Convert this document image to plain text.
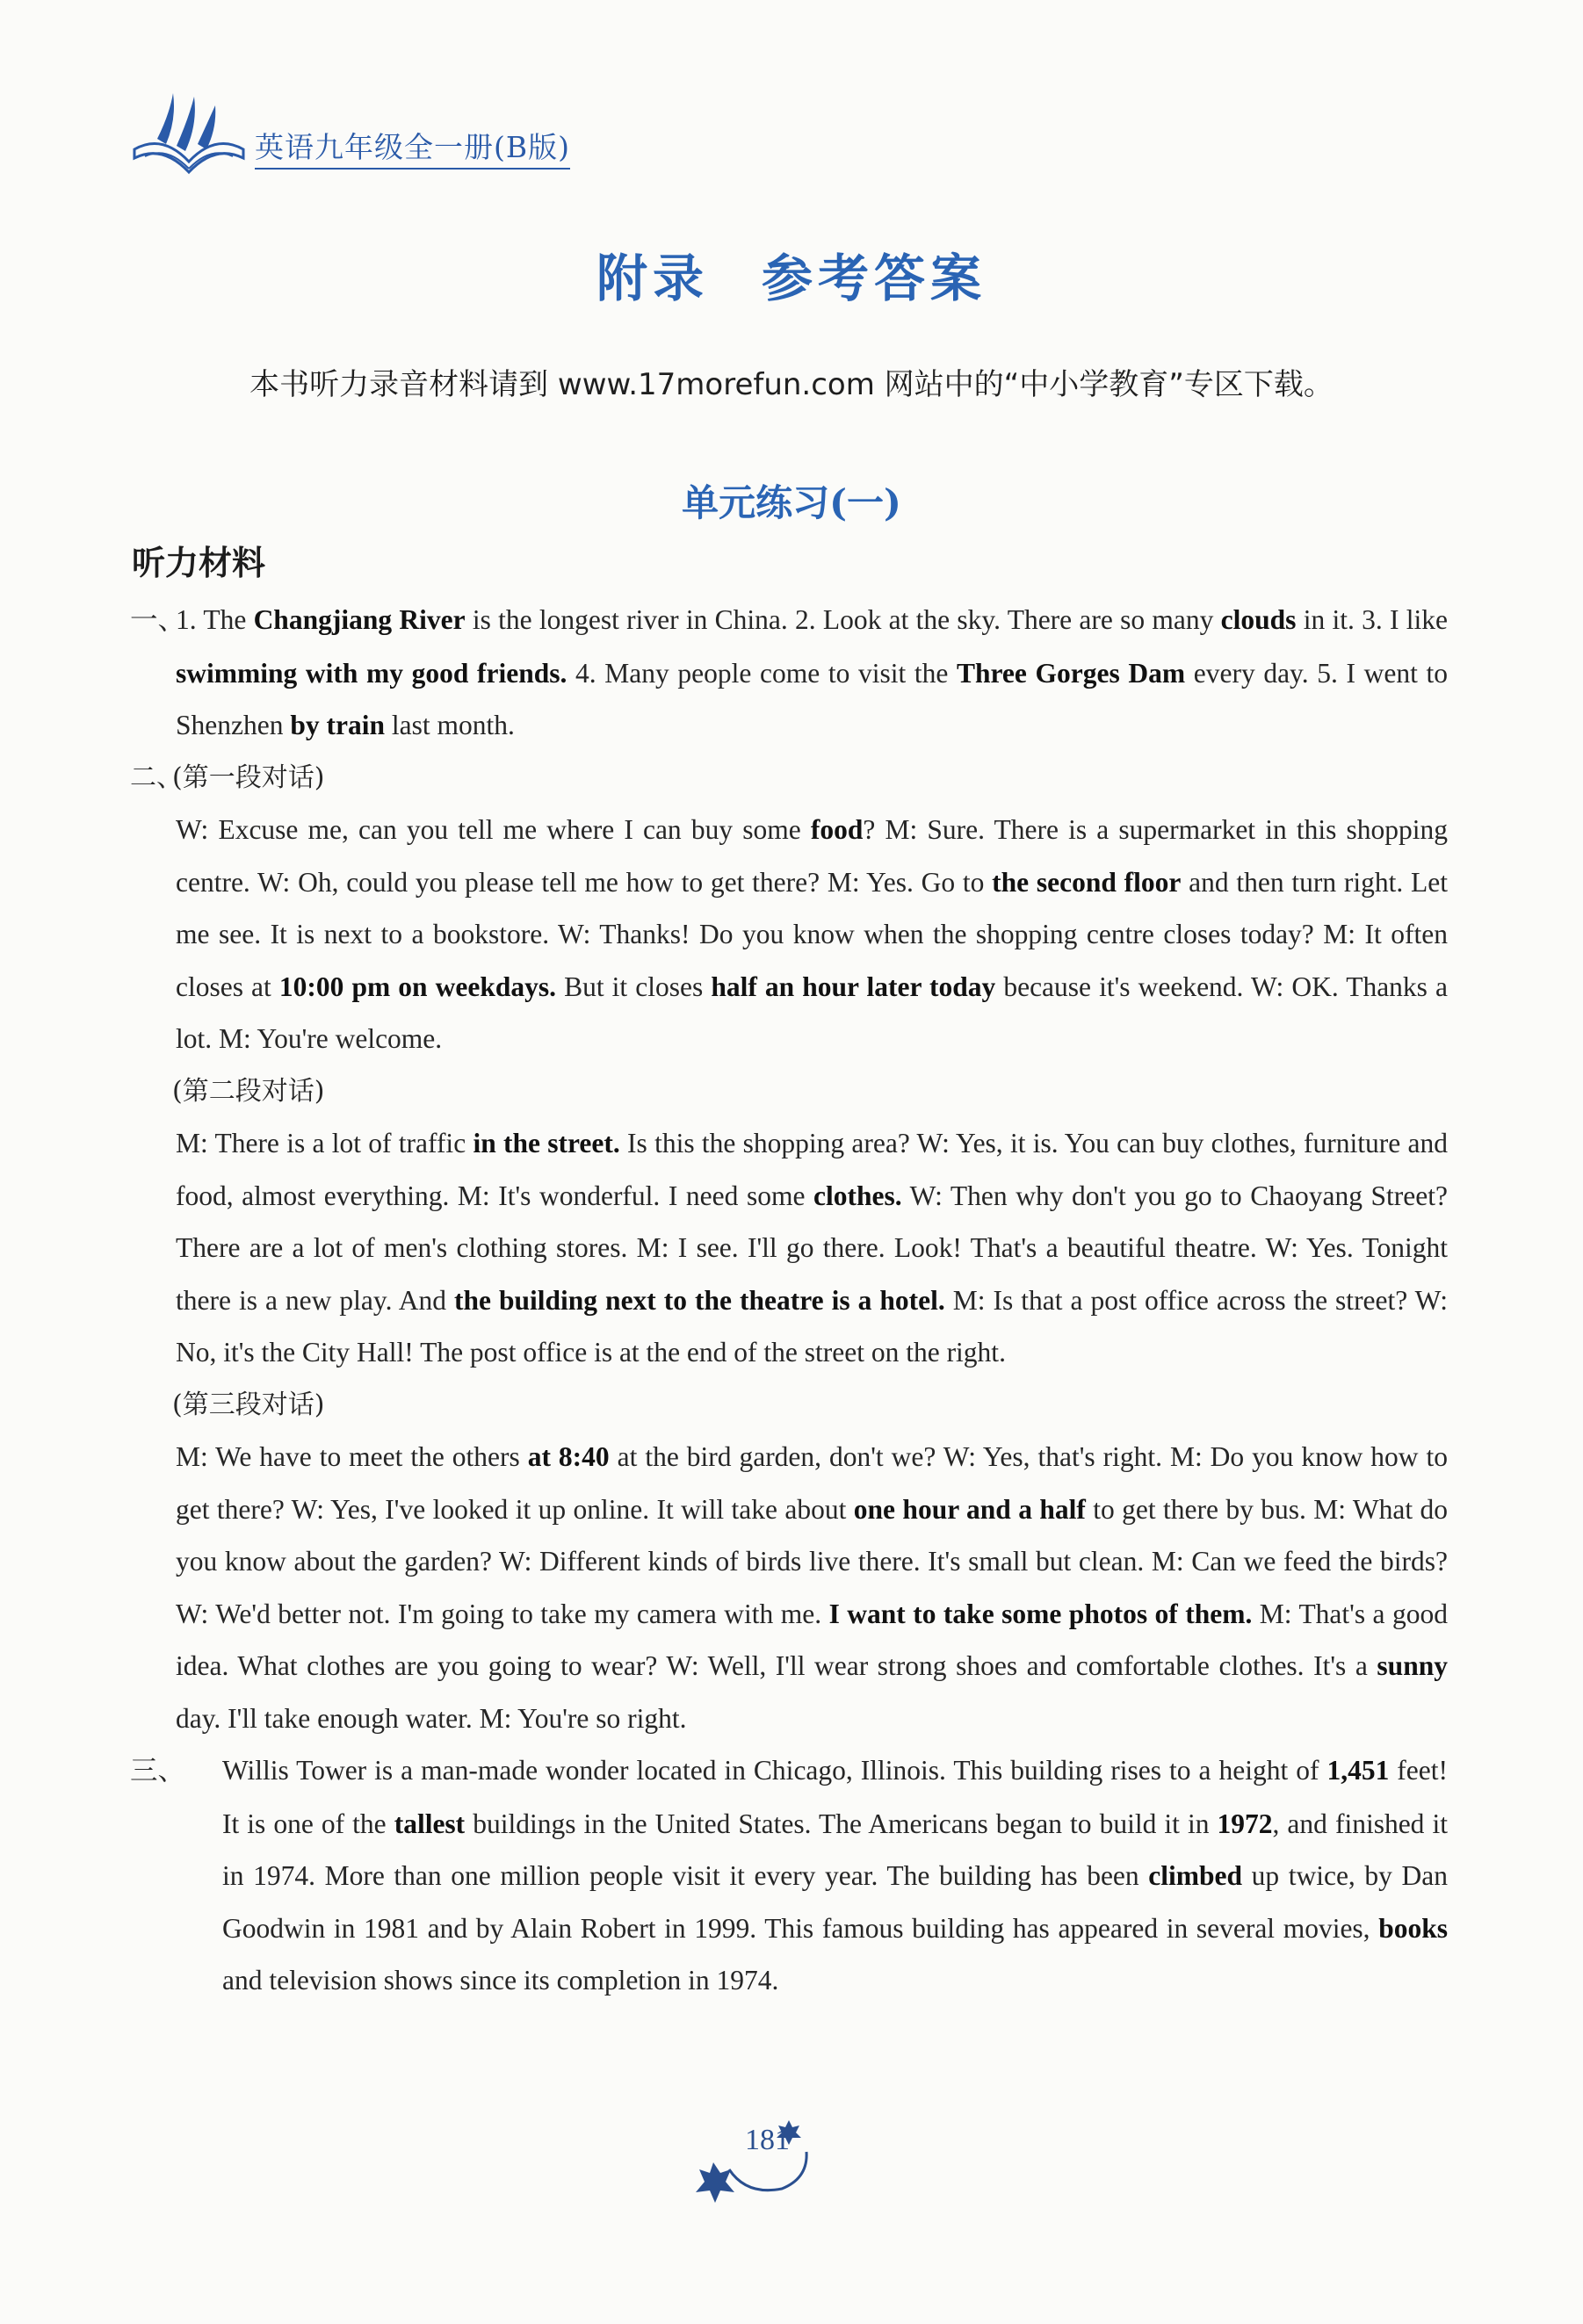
英语九年级全一册(B版)
附录 参考答案

本书听力录音材料请到 www.17morefun.com 网站中的“中小学教育”专区下载。

单元练习(一)
听力材料

一、1. The Changjiang River is the longest river in China. 2. Look at the sky. There are so many clouds in it. 3. I like swimming with my good friends. 4. Many people come to visit the Three Gorges Dam every day. 5. I went to Shenzhen by train last month.

二、(第一段对话)

W: Excuse me, can you tell me where I can buy some food? M: Sure. There is a supermarket in this shopping centre. W: Oh, could you please tell me how to get there? M: Yes. Go to the second floor and then turn right. Let me see. It is next to a bookstore. W: Thanks! Do you know when the shopping centre closes today? M: It often closes at 10:00 pm on weekdays. But it closes half an hour later today because it's weekend. W: OK. Thanks a lot. M: You're welcome.

(第二段对话)

M: There is a lot of traffic in the street. Is this the shopping area? W: Yes, it is. You can buy clothes, furniture and food, almost everything. M: It's wonderful. I need some clothes. W: Then why don't you go to Chaoyang Street? There are a lot of men's clothing stores. M: I see. I'll go there. Look! That's a beautiful theatre. W: Yes. Tonight there is a new play. And the building next to the theatre is a hotel. M: Is that a post office across the street? W: No, it's the City Hall! The post office is at the end of the street on the right.

(第三段对话)

M: We have to meet the others at 8:40 at the bird garden, don't we? W: Yes, that's right. M: Do you know how to get there? W: Yes, I've looked it up online. It will take about one hour and a half to get there by bus. M: What do you know about the garden? W: Different kinds of birds live there. It's small but clean. M: Can we feed the birds? W: We'd better not. I'm going to take my camera with me. I want to take some photos of them. M: That's a good idea. What clothes are you going to wear? W: Well, I'll wear strong shoes and comfortable clothes. It's a sunny day. I'll take enough water. M: You're so right.

三、 Willis Tower is a man-made wonder located in Chicago, Illinois. This building rises to a height of 1,451 feet! It is one of the tallest buildings in the United States. The Americans began to build it in 1972, and finished it in 1974. More than one million people visit it every year. The building has been climbed up twice, by Dan Goodwin in 1981 and by Alain Robert in 1999. This famous building has appeared in several movies, books and television shows since its completion in 1974.

181
